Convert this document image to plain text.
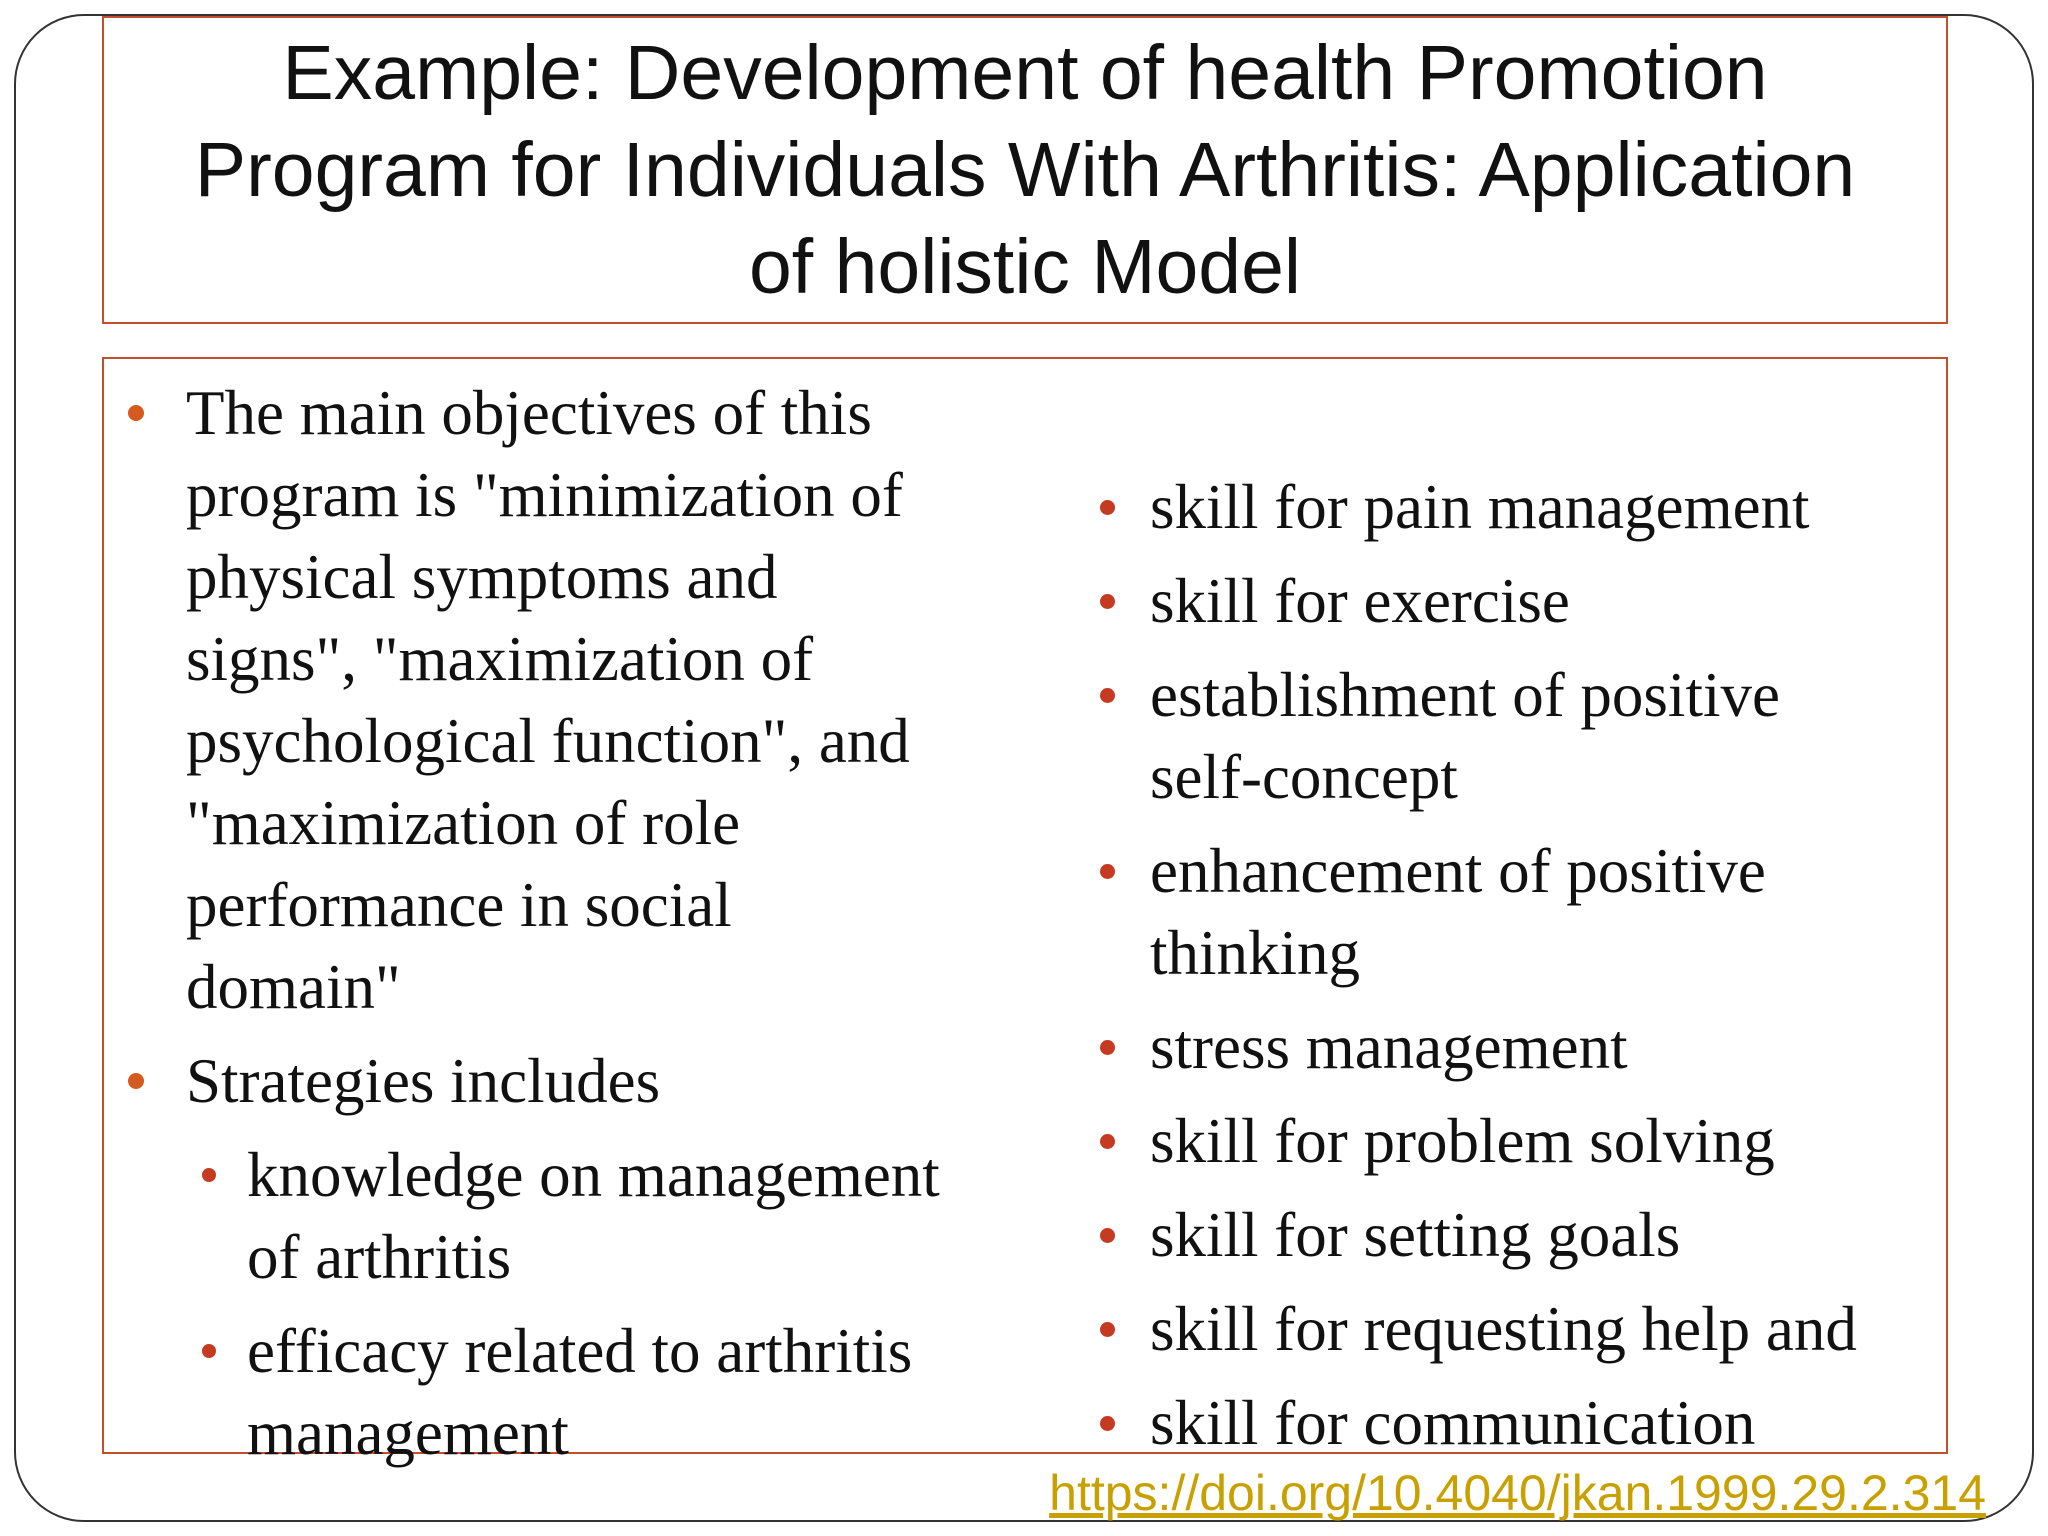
Example: Development of health Promotion
Program for Individuals With Arthritis: Application
of holistic Model
The main objectives of this
program is "minimization of
physical symptoms and
signs", "maximization of
psychological function", and
"maximization of role
performance in social
domain"
Strategies includes
knowledge on management
of arthritis
efficacy related to arthritis
management
skill for pain management
skill for exercise
establishment of positive
self-concept
enhancement of positive
thinking
stress management
skill for problem solving
skill for setting goals
skill for requesting help and
skill for communication
https://doi.org/10.4040/jkan.1999.29.2.314
